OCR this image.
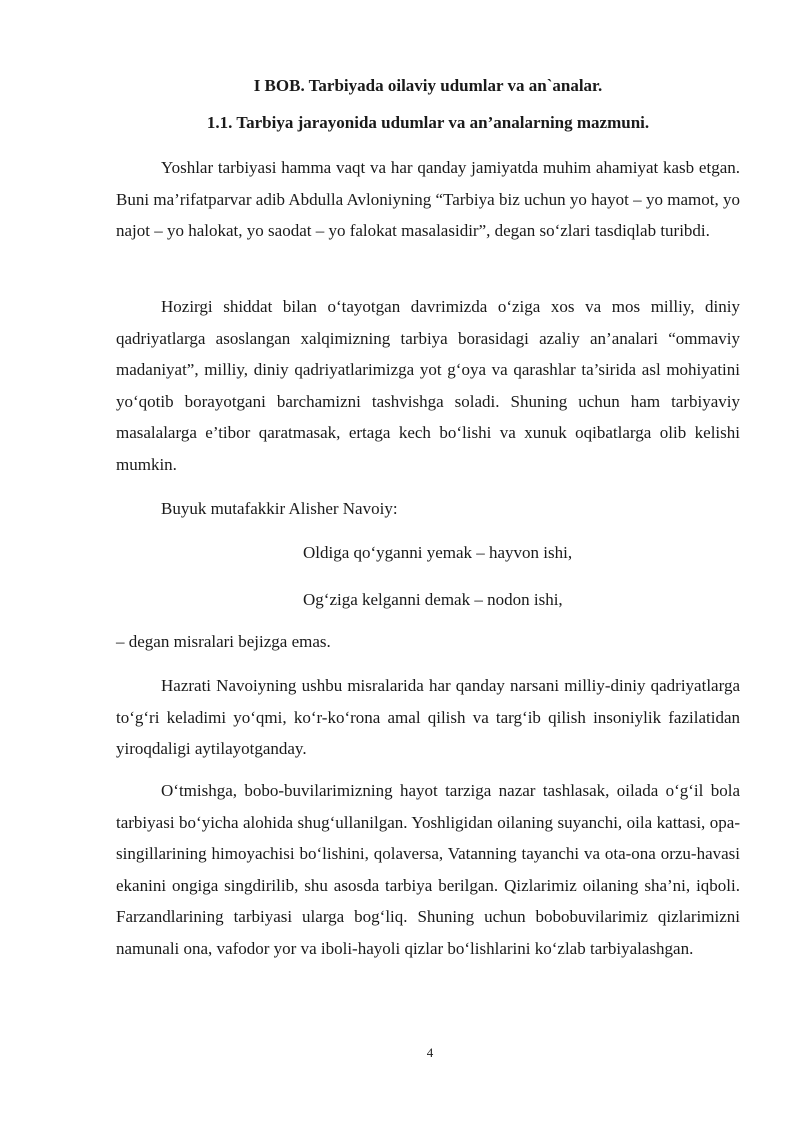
I BOB. Tarbiyada oilaviy udumlar va an`analar.

1.1. Tarbiya jarayonida udumlar va an’analarning mazmuni.

Yoshlar tarbiyasi hamma vaqt va har qanday jamiyatda muhim ahamiyat kasb etgan. Buni ma’rifatparvar adib Abdulla Avloniyning “Tarbiya biz uchun yo hayot – yo mamot, yo najot – yo halokat, yo saodat – yo falokat masalasidir”, degan so‘zlari tasdiqlab turibdi.

Hozirgi shiddat bilan o‘tayotgan davrimizda o‘ziga xos va mos milliy, diniy qadriyatlarga asoslangan xalqimizning tarbiya borasidagi azaliy an’analari “ommaviy madaniyat”, milliy, diniy qadriyatlarimizga yot g‘oya va qarashlar ta’sirida asl mohiyatini yo‘qotib borayotgani barchamizni tashvishga soladi. Shuning uchun ham tarbiyaviy masalalarga e’tibor qaratmasak, ertaga kech bo‘lishi va xunuk oqibatlarga olib kelishi mumkin.

Buyuk mutafakkir Alisher Navoiy:

Oldiga qo‘yganni yemak – hayvon ishi,

Og‘ziga kelganni demak – nodon ishi,

– degan misralari bejizga emas.

Hazrati Navoiyning ushbu misralarida har qanday narsani milliy-diniy qadriyatlarga to‘g‘ri keladimi yo‘qmi, ko‘r-ko‘rona amal qilish va targ‘ib qilish insoniylik fazilatidan yiroqdaligi aytilayotganday.

O‘tmishga, bobo-buvilarimizning hayot tarziga nazar tashlasak, oilada o‘g‘il bola tarbiyasi bo‘yicha alohida shug‘ullanilgan. Yoshligidan oilaning suyanchi, oila kattasi, opa-singillarining himoyachisi bo‘lishini, qolaversa, Vatanning tayanchi va ota-ona orzu-havasi ekanini ongiga singdirilib, shu asosda tarbiya berilgan. Qizlarimiz oilaning sha’ni, iqboli. Farzandlarining tarbiyasi ularga bog‘liq. Shuning uchun bobobuvilarimiz qizlarimizni namunali ona, vafodor yor va iboli-hayoli qizlar bo‘lishlarini ko‘zlab tarbiyalashgan.

4
